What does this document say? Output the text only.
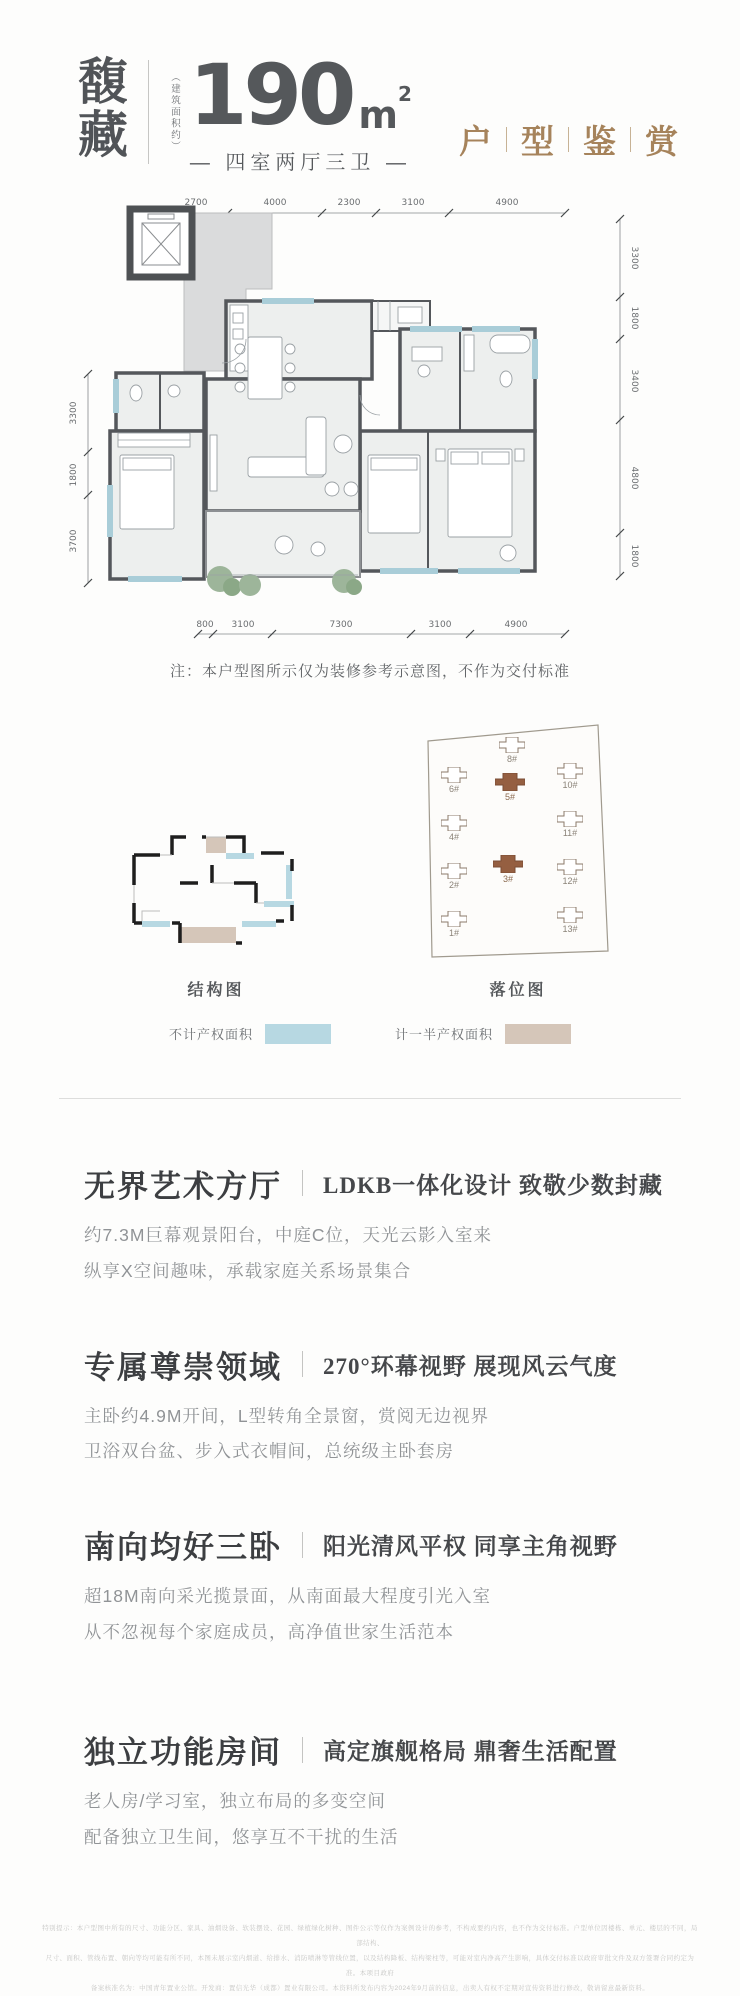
馥
藏	（建筑面积约） 190 m 2
— 四室两厅三卫 —
户 型 鉴 赏
2700	4000	2300	3100	4900
800 3100	7300	3100	4900
3300
1800
3400
4800
1800
3300
1800
3700
注：本户型图所示仅为装修参考示意图，不作为交付标准
结构图
8#
6#	10#
5#
4#	11#
2#
3#	12#
1#	13#
落位图
不计产权面积	计一半产权面积
无界艺术方厅 LDKB一体化设计 致敬少数封藏

约7.3M巨幕观景阳台，中庭C位，天光云影入室来

纵享X空间趣味，承载家庭关系场景集合

专属尊崇领域 270°环幕视野 展现风云气度

主卧约4.9M开间，L型转角全景窗，赏阅无边视界

卫浴双台盆、步入式衣帽间，总统级主卧套房

南向均好三卧 阳光清风平权 同享主角视野

超18M南向采光揽景面，从南面最大程度引光入室

从不忽视每个家庭成员，高净值世家生活范本

独立功能房间 高定旗舰格局 鼎奢生活配置

老人房/学习室，独立布局的多变空间

配备独立卫生间，悠享互不干扰的生活

特别提示：本户型图中所有的尺寸、功能分区、家具、油烟设备、软装摆设、花园、绿植绿化树种、图件公示等仅作为案例设计的参考，不构成要约内容，也不作为交付标准。户型单位因楼栋、单元、楼层的不同，局部结构、

尺寸、面积、管线布置、朝向等均可能有所不同，本图未展示室内烟道、给排水、消防喷淋等管线位置，以及结构降板、结构梁柱等，可能对室内净高产生影响，具体交付标准以政府审批文件及双方签署合同约定为准。本项目政府

备案核准名为：中国青年置业公馆。开发商：置信光华（成都）置业有限公司。本资料所发布内容为2024年9月前的信息，出卖人有权不定期对宣传资料进行修改，敬请留意最新资料。
